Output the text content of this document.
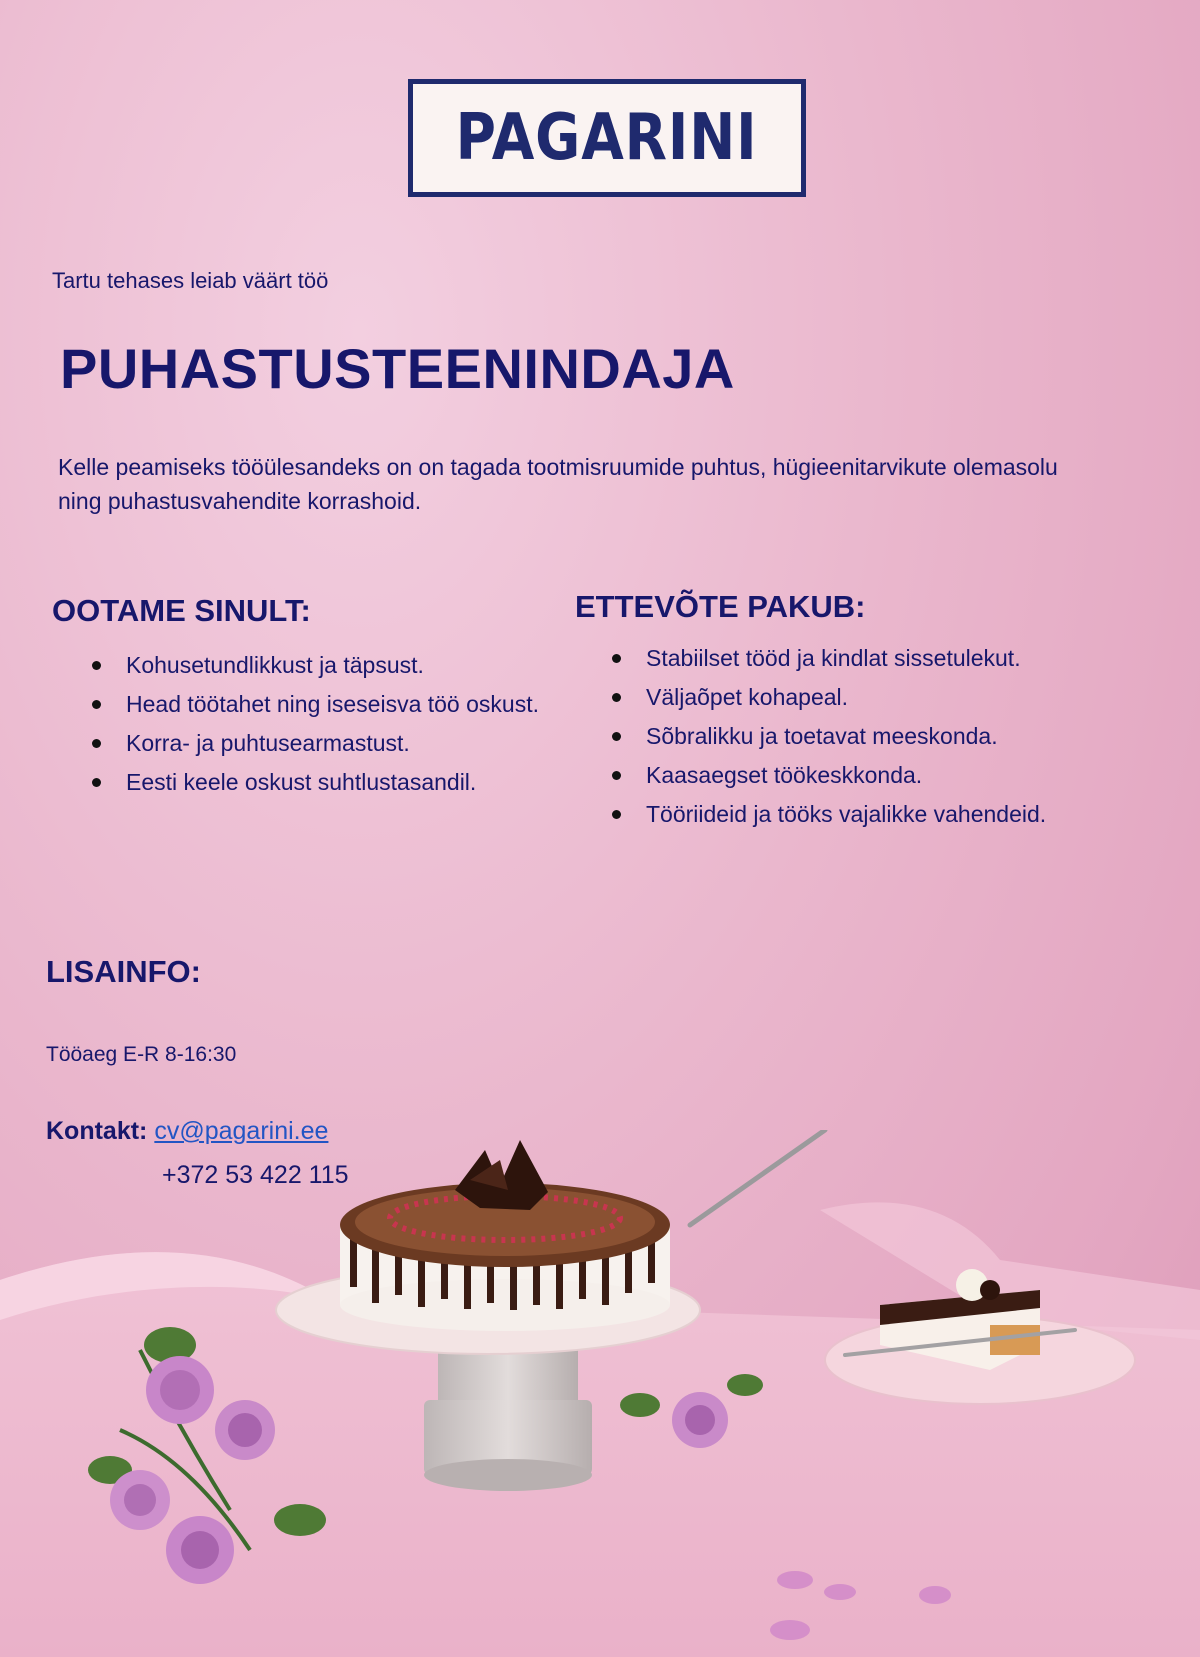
PAGARINI
Tartu tehases leiab väärt töö
PUHASTUSTEENINDAJA

Kelle peamiseks tööülesandeks on on tagada tootmisruumide puhtus, hügieenitarvikute olemasolu ning puhastusvahendite korrashoid.

OOTAME SINULT:
Kohusetundlikkust ja täpsust.
Head töötahet ning iseseisva töö oskust.
Korra- ja puhtusearmastust.
Eesti keele oskust suhtlustasandil.
ETTEVÕTE PAKUB:
Stabiilset tööd ja kindlat sissetulekut.
Väljaõpet kohapeal.
Sõbralikku ja toetavat meeskonda.
Kaasaegset töökeskkonda.
Tööriideid ja tööks vajalikke vahendeid.
LISAINFO:
Tööaeg E-R 8-16:30
Kontakt: cv@pagarini.ee
+372 53 422 115
